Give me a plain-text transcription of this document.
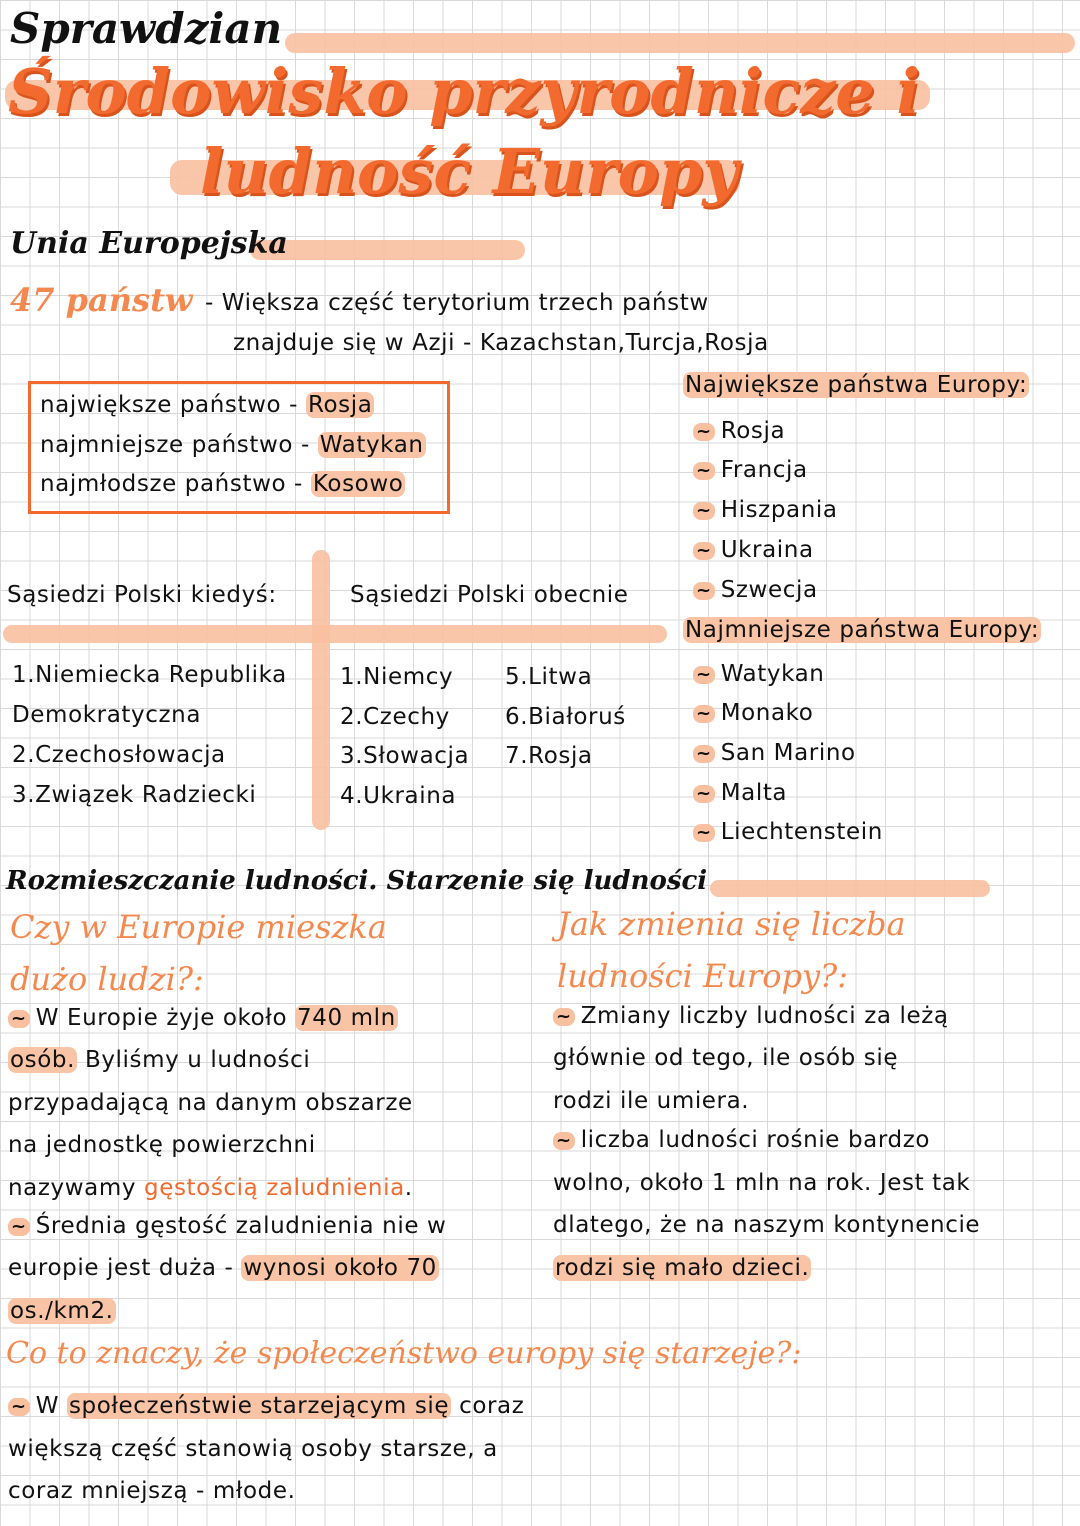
Sprawdzian
Środowisko przyrodnicze i
ludność Europy
Unia Europejska
47 państw - Większa część terytorium trzech państw
znajduje się w Azji - Kazachstan,Turcja,Rosja
największe państwo - Rosja
najmniejsze państwo - Watykan
najmłodsze państwo - Kosowo
Największe państwa Europy:
~ Rosja
~ Francja
~ Hiszpania
~ Ukraina
~ Szwecja
Najmniejsze państwa Europy:
~ Watykan
~ Monako
~ San Marino
~ Malta
~ Liechtenstein
Sąsiedzi Polski kiedyś:	Sąsiedzi Polski obecnie
1.Niemiecka Republika
Demokratyczna
2.Czechosłowacja
3.Związek Radziecki
1.Niemcy
2.Czechy
3.Słowacja
4.Ukraina
5.Litwa
6.Białoruś
7.Rosja
Rozmieszczanie ludności. Starzenie się ludności
Czy w Europie mieszka
dużo ludzi?:
Jak zmienia się liczba
ludności Europy?:
~ W Europie żyje około 740 mln
osób. Byliśmy u ludności
przypadającą na danym obszarze
na jednostkę powierzchni
nazywamy gęstością zaludnienia.
~ Średnia gęstość zaludnienia nie w
europie jest duża - wynosi około 70
os./km2.
~ Zmiany liczby ludności za leżą
głównie od tego, ile osób się
rodzi ile umiera.
~ liczba ludności rośnie bardzo
wolno, około 1 mln na rok. Jest tak
dlatego, że na naszym kontynencie
rodzi się mało dzieci.
Co to znaczy, że społeczeństwo europy się starzeje?:
~ W społeczeństwie starzejącym się coraz
większą część stanowią osoby starsze, a
coraz mniejszą - młode.
